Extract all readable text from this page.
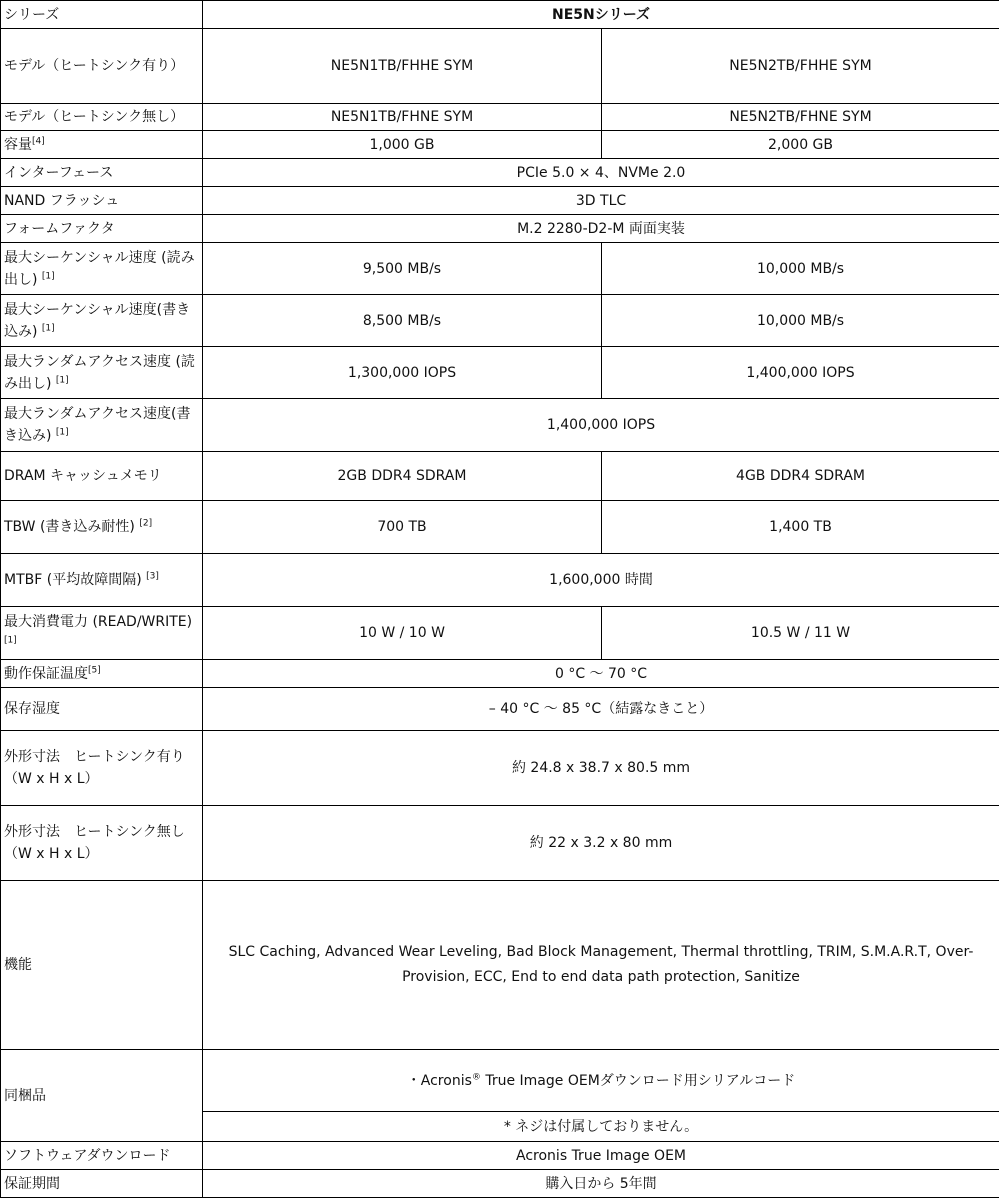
シリーズ	NE5Nシリーズ	
モデル（ヒートシンク有り）	NE5N1TB/FHHE SYM	NE5N2TB/FHHE SYM
モデル（ヒートシンク無し）	NE5N1TB/FHNE SYM	NE5N2TB/FHNE SYM
容量[4]	1,000 GB	2,000 GB
インターフェース	PCIe 5.0 × 4、NVMe 2.0	
NAND フラッシュ	3D TLC	
フォームファクタ	M.2 2280-D2-M 両面実装	
最大シーケンシャル速度 (読み出し) [1]	9,500 MB/s	10,000 MB/s
最大シーケンシャル速度(書き込み) [1]	8,500 MB/s	10,000 MB/s
最大ランダムアクセス速度 (読み出し) [1]	1,300,000 IOPS	1,400,000 IOPS
最大ランダムアクセス速度(書き込み) [1]	1,400,000 IOPS	
DRAM キャッシュメモリ	2GB DDR4 SDRAM	4GB DDR4 SDRAM
TBW (書き込み耐性) [2]	700 TB	1,400 TB
MTBF (平均故障間隔) [3]	1,600,000 時間	
最大消費電力 (READ/WRITE) [1]	10 W / 10 W	10.5 W / 11 W
動作保証温度[5]	0 °C 〜 70 °C	
保存湿度	– 40 °C 〜 85 °C（結露なきこと）	
外形寸法　ヒートシンク有り（W x H x L）	約 24.8 x 38.7 x 80.5 mm	
外形寸法　ヒートシンク無し（W x H x L）	約 22 x 3.2 x 80 mm	
機能	SLC Caching, Advanced Wear Leveling, Bad Block Management, Thermal throttling, TRIM, S.M.A.R.T, Over-Provision, ECC, End to end data path protection, Sanitize	
同梱品	・Acronis® True Image OEMダウンロード用シリアルコード	
	* ネジは付属しておりません。	
ソフトウェアダウンロード	Acronis True Image OEM	
保証期間	購入日から 5年間	
